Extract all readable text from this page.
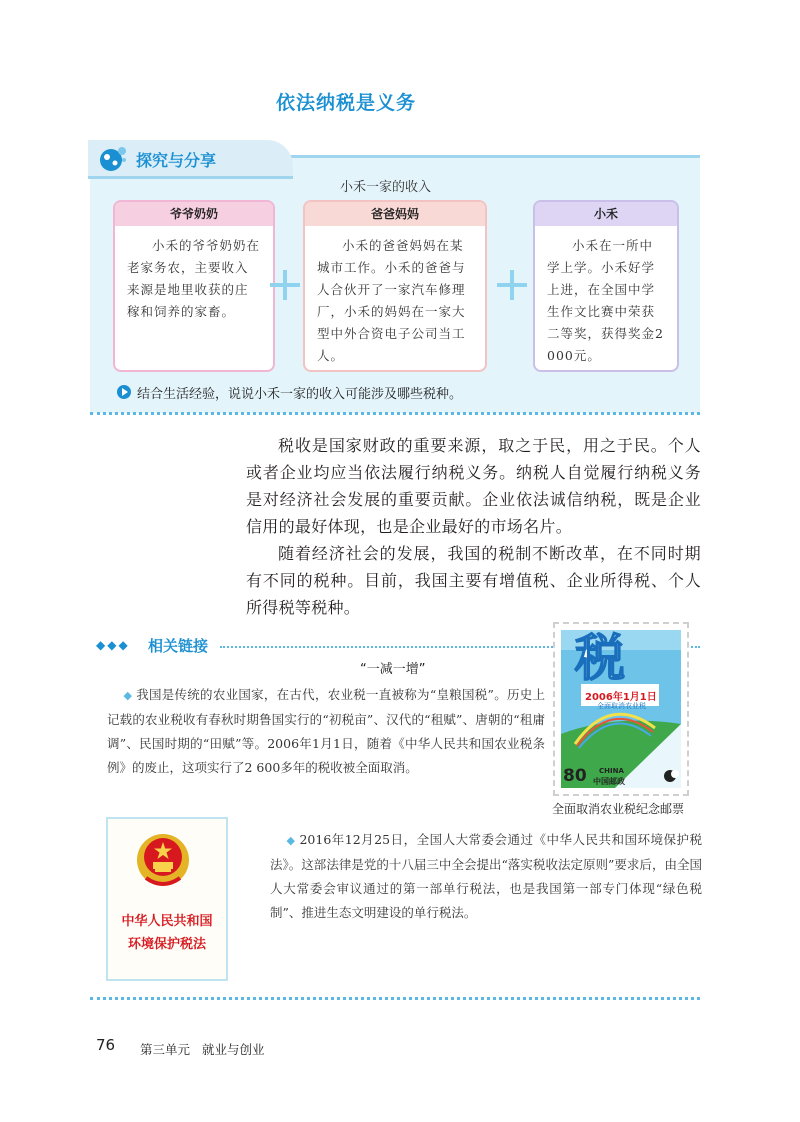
依法纳税是义务
探究与分享
小禾一家的收入
爷爷奶奶
小禾的爷爷奶奶在老家务农，主要收入来源是地里收获的庄稼和饲养的家畜。
爸爸妈妈
小禾的爸爸妈妈在某城市工作。小禾的爸爸与人合伙开了一家汽车修理厂，小禾的妈妈在一家大型中外合资电子公司当工人。
小禾
小禾在一所中学上学。小禾好学上进，在全国中学生作文比赛中荣获二等奖，获得奖金2 000元。
结合生活经验，说说小禾一家的收入可能涉及哪些税种。

税收是国家财政的重要来源，取之于民，用之于民。个人或者企业均应当依法履行纳税义务。纳税人自觉履行纳税义务是对经济社会发展的重要贡献。企业依法诚信纳税，既是企业信用的最好体现，也是企业最好的市场名片。

随着经济社会的发展，我国的税制不断改革，在不同时期有不同的税种。目前，我国主要有增值税、企业所得税、个人所得税等税种。

◆◆◆ 相关链接
“一减一增”
◆ 我国是传统的农业国家，在古代，农业税一直被称为“皇粮国税”。历史上记载的农业税收有春秋时期鲁国实行的“初税亩”、汉代的“租赋”、唐朝的“租庸调”、民国时期的“田赋”等。2006年1月1日，随着《中华人民共和国农业税条例》的废止，这项实行了2 600多年的税收被全面取消。
◆ 2016年12月25日，全国人大常委会通过《中华人民共和国环境保护税法》。这部法律是党的十八届三中全会提出“落实税收法定原则”要求后，由全国人大常委会审议通过的第一部单行税法，也是我国第一部专门体现“绿色税制”、推进生态文明建设的单行税法。
税
2006年1月1日
全面取消农业税
80 CHINA
中国邮政
全面取消农业税纪念邮票
中华人民共和国
环境保护税法
76 第三单元 就业与创业
